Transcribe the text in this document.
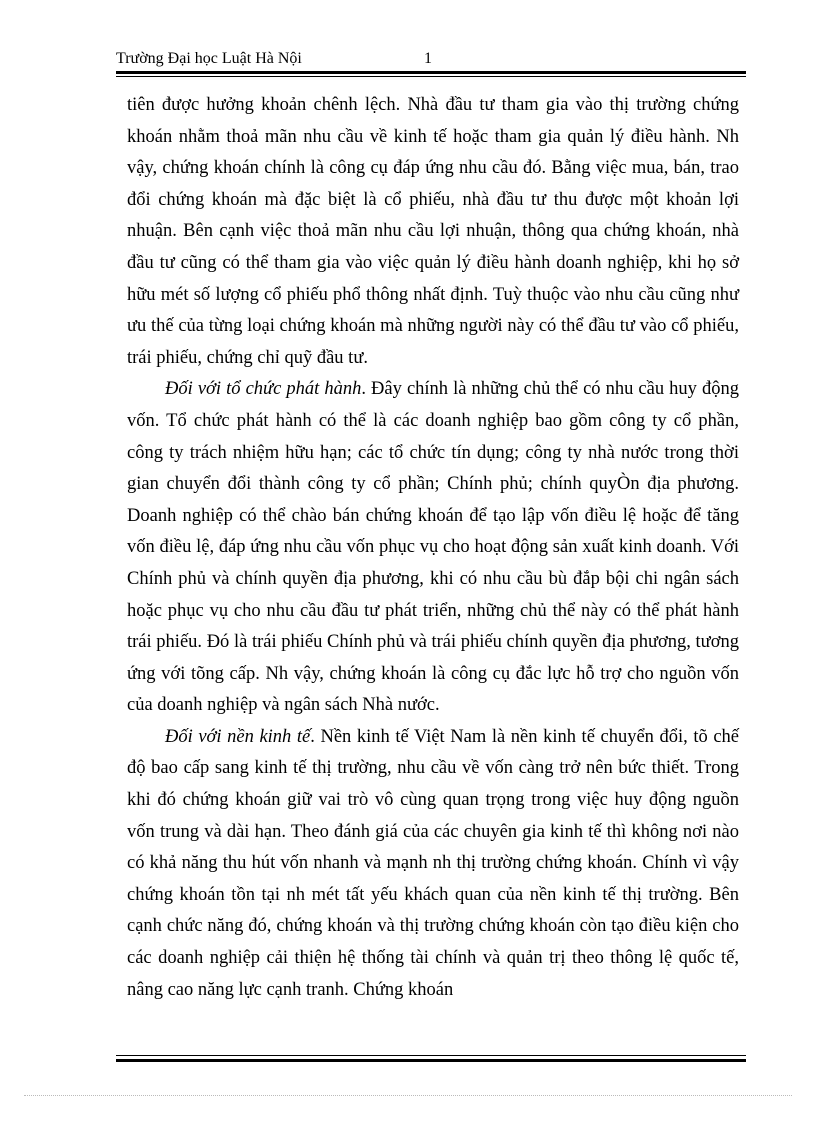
Trường Đại học Luật Hà Nội	1

tiên được hưởng khoản chênh lệch. Nhà đầu tư tham gia vào thị trường chứng khoán nhằm thoả mãn nhu cầu về kinh tế hoặc tham gia quản lý điều hành. Nh vậy, chứng khoán chính là công cụ đáp ứng nhu cầu đó. Bằng việc mua, bán, trao đổi chứng khoán mà đặc biệt là cổ phiếu, nhà đầu tư thu được một khoản lợi nhuận. Bên cạnh việc thoả mãn nhu cầu lợi nhuận, thông qua chứng khoán, nhà đầu tư cũng có thể tham gia vào việc quản lý điều hành doanh nghiệp, khi họ sở hữu mét số lượng cổ phiếu phổ thông nhất định. Tuỳ thuộc vào nhu cầu cũng như ưu thế của từng loại chứng khoán mà những người này có thể đầu tư vào cổ phiếu, trái phiếu, chứng chỉ quỹ đầu tư.

Đối với tổ chức phát hành. Đây chính là những chủ thể có nhu cầu huy động vốn. Tổ chức phát hành có thể là các doanh nghiệp bao gồm công ty cổ phần, công ty trách nhiệm hữu hạn; các tổ chức tín dụng; công ty nhà nước trong thời gian chuyển đổi thành công ty cổ phần; Chính phủ; chính quyÒn địa phương. Doanh nghiệp có thể chào bán chứng khoán để tạo lập vốn điều lệ hoặc để tăng vốn điều lệ, đáp ứng nhu cầu vốn phục vụ cho hoạt động sản xuất kinh doanh. Với Chính phủ và chính quyền địa phương, khi có nhu cầu bù đắp bội chi ngân sách hoặc phục vụ cho nhu cầu đầu tư phát triển, những chủ thể này có thể phát hành trái phiếu. Đó là trái phiếu Chính phủ và trái phiếu chính quyền địa phương, tương ứng với tõng cấp. Nh vậy, chứng khoán là công cụ đắc lực hỗ trợ cho nguồn vốn của doanh nghiệp và ngân sách Nhà nước.

Đối với nền kinh tế. Nền kinh tế Việt Nam là nền kinh tế chuyển đổi, tõ chế độ bao cấp sang kinh tế thị trường, nhu cầu về vốn càng trở nên bức thiết. Trong khi đó chứng khoán giữ vai trò vô cùng quan trọng trong việc huy động nguồn vốn trung và dài hạn. Theo đánh giá của các chuyên gia kinh tế thì không nơi nào có khả năng thu hút vốn nhanh và mạnh nh thị trường chứng khoán. Chính vì vậy chứng khoán tồn tại nh mét tất yếu khách quan của nền kinh tế thị trường. Bên cạnh chức năng đó, chứng khoán và thị trường chứng khoán còn tạo điều kiện cho các doanh nghiệp cải thiện hệ thống tài chính và quản trị theo thông lệ quốc tế, nâng cao năng lực cạnh tranh. Chứng khoán
